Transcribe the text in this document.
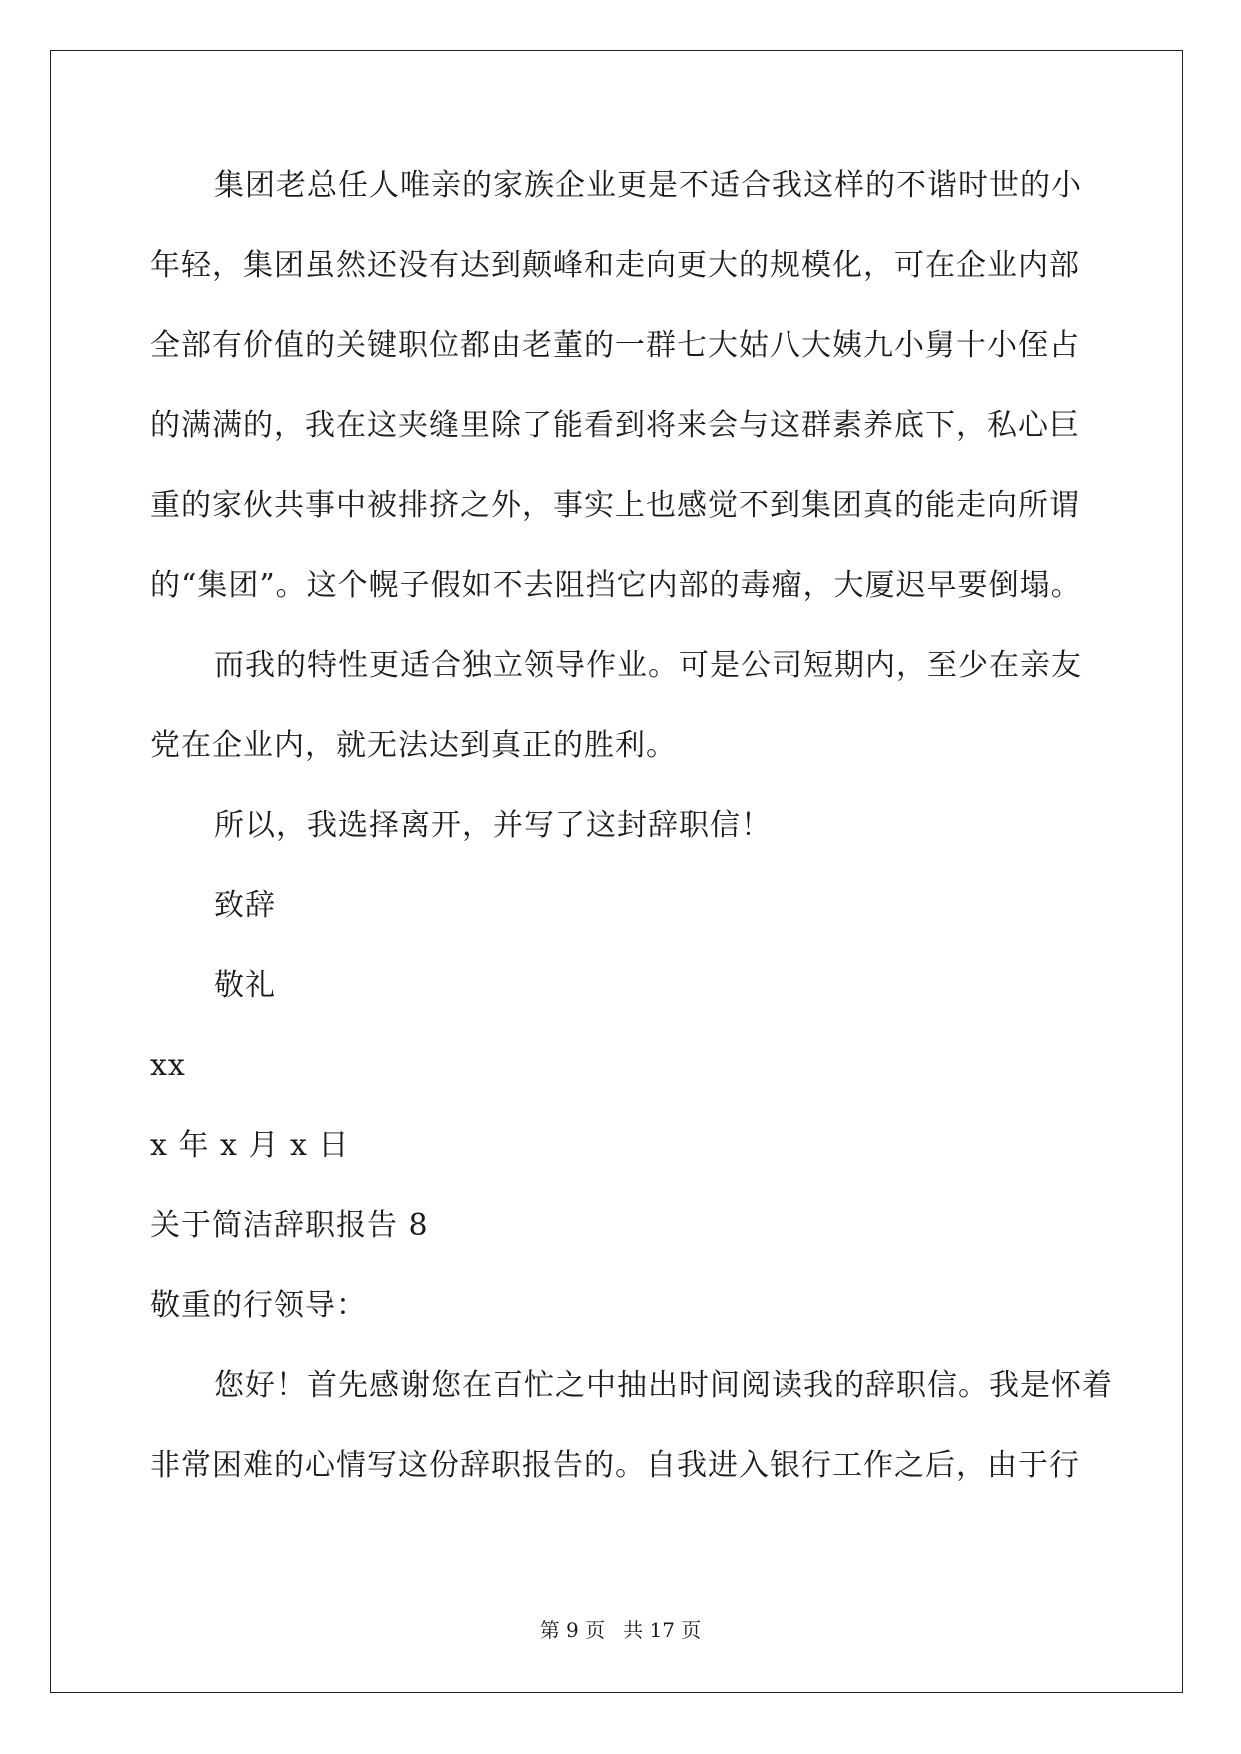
集团老总任人唯亲的家族企业更是不适合我这样的不谐时世的小
年轻，集团虽然还没有达到颠峰和走向更大的规模化，可在企业内部
全部有价值的关键职位都由老董的一群七大姑八大姨九小舅十小侄占
的满满的，我在这夹缝里除了能看到将来会与这群素养底下，私心巨
重的家伙共事中被排挤之外，事实上也感觉不到集团真的能走向所谓
的“集团”。这个幌子假如不去阻挡它内部的毒瘤，大厦迟早要倒塌。
而我的特性更适合独立领导作业。可是公司短期内，至少在亲友
党在企业内，就无法达到真正的胜利。
所以，我选择离开，并写了这封辞职信！
致辞
敬礼
xx
x 年 x 月 x 日
关于简洁辞职报告 8
敬重的行领导：
您好！首先感谢您在百忙之中抽出时间阅读我的辞职信。我是怀着
非常困难的心情写这份辞职报告的。自我进入银行工作之后，由于行
第 9 页 共 17 页
